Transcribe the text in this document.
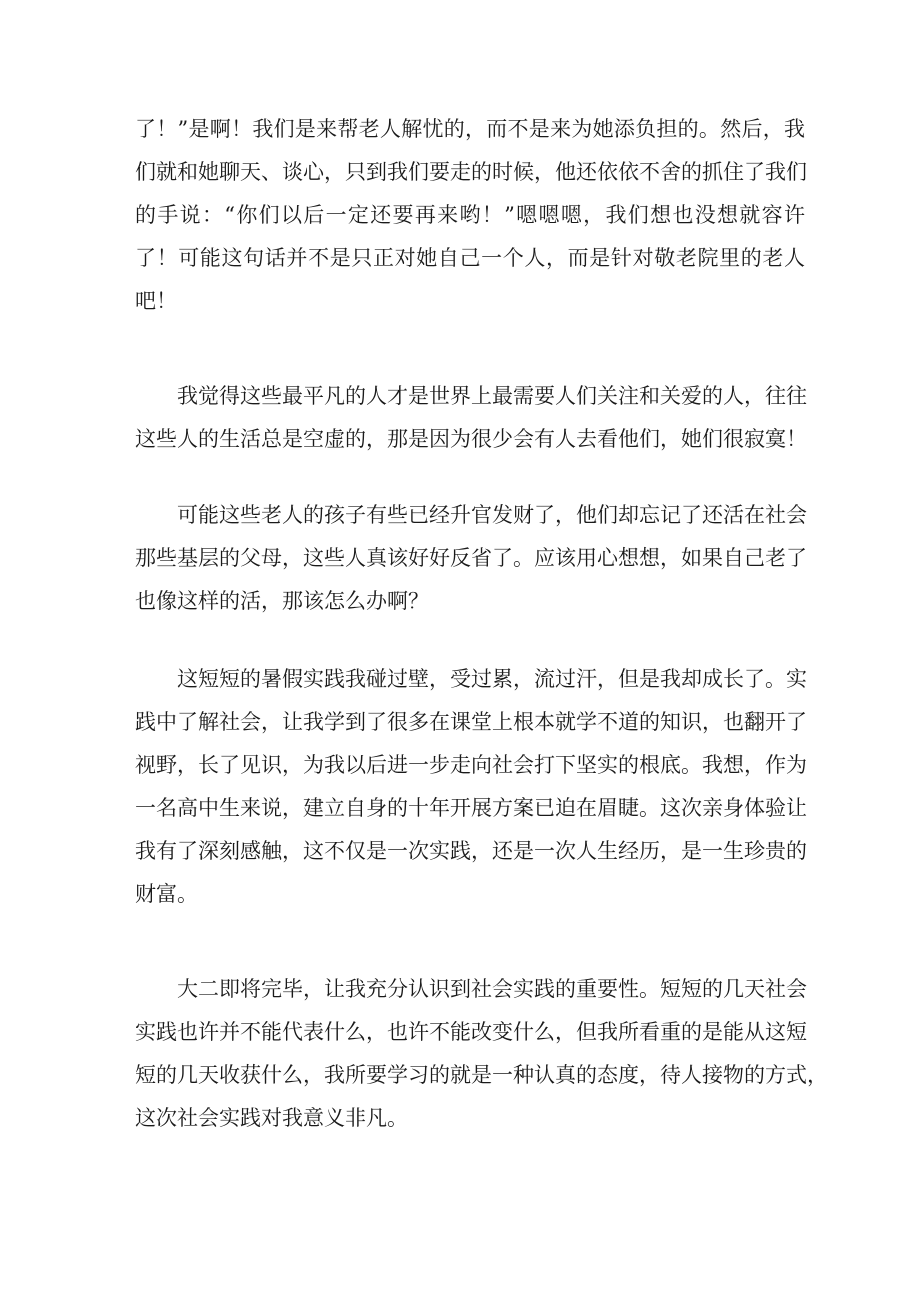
了！”是啊！我们是来帮老人解忧的，而不是来为她添负担的。然后，我
们就和她聊天、谈心，只到我们要走的时候，他还依依不舍的抓住了我们
的手说：“你们以后一定还要再来哟！”嗯嗯嗯，我们想也没想就容许
了！可能这句话并不是只正对她自己一个人，而是针对敬老院里的老人
吧！
我觉得这些最平凡的人才是世界上最需要人们关注和关爱的人，往往
这些人的生活总是空虚的，那是因为很少会有人去看他们，她们很寂寞！
可能这些老人的孩子有些已经升官发财了，他们却忘记了还活在社会
那些基层的父母，这些人真该好好反省了。应该用心想想，如果自己老了
也像这样的活，那该怎么办啊？
这短短的暑假实践我碰过壁，受过累，流过汗，但是我却成长了。实
践中了解社会，让我学到了很多在课堂上根本就学不道的知识，也翻开了
视野，长了见识，为我以后进一步走向社会打下坚实的根底。我想，作为
一名高中生来说，建立自身的十年开展方案已迫在眉睫。这次亲身体验让
我有了深刻感触，这不仅是一次实践，还是一次人生经历，是一生珍贵的
财富。
大二即将完毕，让我充分认识到社会实践的重要性。短短的几天社会
实践也许并不能代表什么，也许不能改变什么，但我所看重的是能从这短
短的几天收获什么，我所要学习的就是一种认真的态度，待人接物的方式，
这次社会实践对我意义非凡。
